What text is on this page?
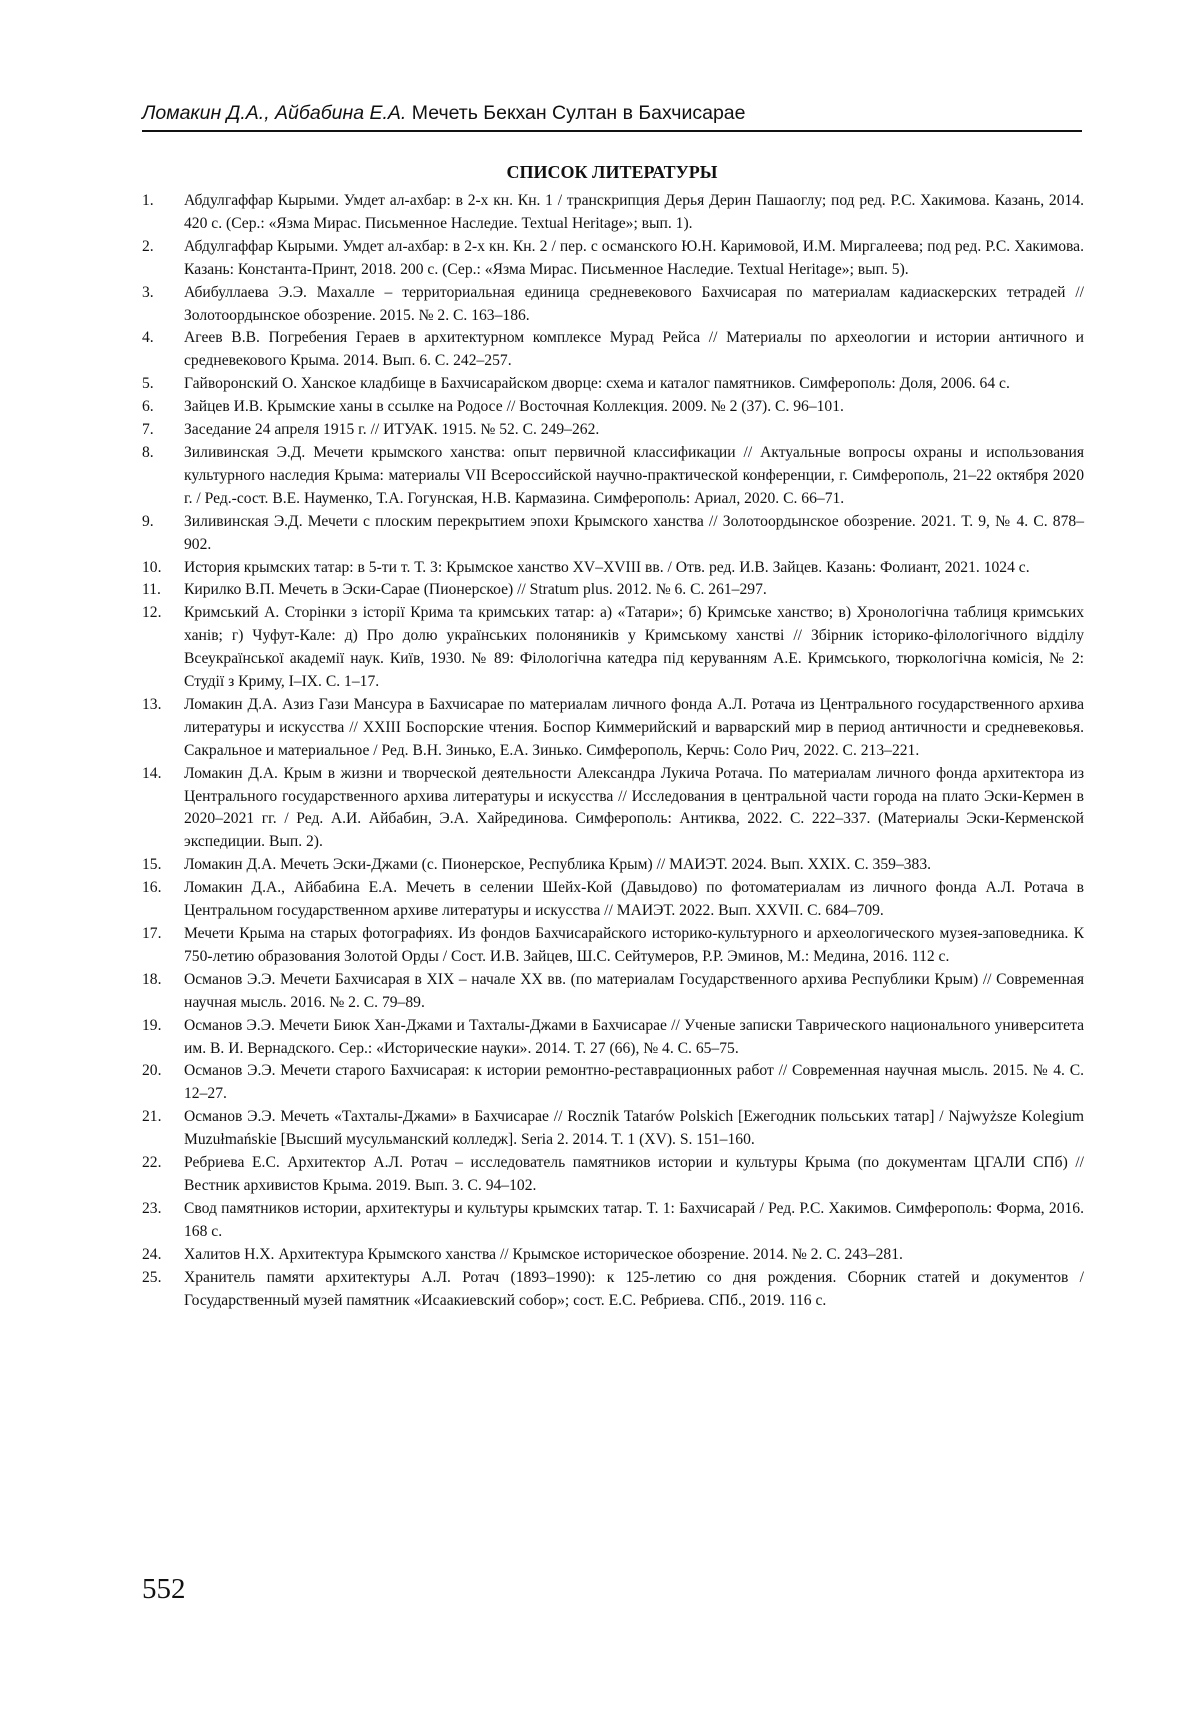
Ломакин Д.А., Айбабина Е.А. Мечеть Бекхан Султан в Бахчисарае
СПИСОК ЛИТЕРАТУРЫ
1. Абдулгаффар Кырыми. Умдет ал-ахбар: в 2-х кн. Кн. 1 / транскрипция Дерья Дерин Пашаоглу; под ред. Р.С. Хакимова. Казань, 2014. 420 с. (Сер.: «Язма Мирас. Письменное Наследие. Textual Heritage»; вып. 1).
2. Абдулгаффар Кырыми. Умдет ал-ахбар: в 2-х кн. Кн. 2 / пер. с османского Ю.Н. Каримовой, И.М. Миргалеева; под ред. Р.С. Хакимова. Казань: Константа-Принт, 2018. 200 с. (Сер.: «Язма Мирас. Письменное Наследие. Textual Heritage»; вып. 5).
3. Абибуллаева Э.Э. Махалле – территориальная единица средневекового Бахчисарая по материалам кадиаскерских тетрадей // Золотоордынское обозрение. 2015. № 2. С. 163–186.
4. Агеев В.В. Погребения Гераев в архитектурном комплексе Мурад Рейса // Материалы по археологии и истории античного и средневекового Крыма. 2014. Вып. 6. С. 242–257.
5. Гайворонский О. Ханское кладбище в Бахчисарайском дворце: схема и каталог памятников. Симферополь: Доля, 2006. 64 с.
6. Зайцев И.В. Крымские ханы в ссылке на Родосе // Восточная Коллекция. 2009. № 2 (37). С. 96–101.
7. Заседание 24 апреля 1915 г. // ИТУАК. 1915. № 52. С. 249–262.
8. Зиливинская Э.Д. Мечети крымского ханства: опыт первичной классификации // Актуальные вопросы охраны и использования культурного наследия Крыма: материалы VII Всероссийской научно-практической конференции, г. Симферополь, 21–22 октября 2020 г. / Ред.-сост. В.Е. Науменко, Т.А. Гогунская, Н.В. Кармазина. Симферополь: Ариал, 2020. С. 66–71.
9. Зиливинская Э.Д. Мечети с плоским перекрытием эпохи Крымского ханства // Золотоордынское обозрение. 2021. Т. 9, № 4. С. 878–902.
10. История крымских татар: в 5-ти т. Т. 3: Крымское ханство XV–XVIII вв. / Отв. ред. И.В. Зайцев. Казань: Фолиант, 2021. 1024 с.
11. Кирилко В.П. Мечеть в Эски-Сарае (Пионерское) // Stratum plus. 2012. № 6. С. 261–297.
12. Кримський А. Сторінки з історії Крима та кримських татар: а) «Татари»; б) Кримське ханство; в) Хронологічна таблиця кримських ханів; г) Чуфут-Кале: д) Про долю українських полоняників у Кримському ханстві // Збірник історико-філологічного відділу Всеукраїнської академії наук. Київ, 1930. № 89: Філологічна катедра під керуванням А.Е. Кримського, тюркологічна комісія, № 2: Студії з Криму, I–IX. С. 1–17.
13. Ломакин Д.А. Азиз Гази Мансура в Бахчисарае по материалам личного фонда А.Л. Ротача из Центрального государственного архива литературы и искусства // XXIII Боспорские чтения. Боспор Киммерийский и варварский мир в период античности и средневековья. Сакральное и материальное / Ред. В.Н. Зинько, Е.А. Зинько. Симферополь, Керчь: Соло Рич, 2022. С. 213–221.
14. Ломакин Д.А. Крым в жизни и творческой деятельности Александра Лукича Ротача. По материалам личного фонда архитектора из Центрального государственного архива литературы и искусства // Исследования в центральной части города на плато Эски-Кермен в 2020–2021 гг. / Ред. А.И. Айбабин, Э.А. Хайрединова. Симферополь: Антиква, 2022. С. 222–337. (Материалы Эски-Керменской экспедиции. Вып. 2).
15. Ломакин Д.А. Мечеть Эски-Джами (с. Пионерское, Республика Крым) // МАИЭТ. 2024. Вып. XXIX. С. 359–383.
16. Ломакин Д.А., Айбабина Е.А. Мечеть в селении Шейх-Кой (Давыдово) по фотоматериалам из личного фонда А.Л. Ротача в Центральном государственном архиве литературы и искусства // МАИЭТ. 2022. Вып. XXVII. С. 684–709.
17. Мечети Крыма на старых фотографиях. Из фондов Бахчисарайского историко-культурного и археологического музея-заповедника. К 750-летию образования Золотой Орды / Сост. И.В. Зайцев, Ш.С. Сейтумеров, Р.Р. Эминов, М.: Медина, 2016. 112 с.
18. Османов Э.Э. Мечети Бахчисарая в XIX – начале XX вв. (по материалам Государственного архива Республики Крым) // Современная научная мысль. 2016. № 2. С. 79–89.
19. Османов Э.Э. Мечети Биюк Хан-Джами и Тахталы-Джами в Бахчисарае // Ученые записки Таврического национального университета им. В. И. Вернадского. Сер.: «Исторические науки». 2014. Т. 27 (66), № 4. С. 65–75.
20. Османов Э.Э. Мечети старого Бахчисарая: к истории ремонтно-реставрационных работ // Современная научная мысль. 2015. № 4. С. 12–27.
21. Османов Э.Э. Мечеть «Тахталы-Джами» в Бахчисарае // Rocznik Tatarów Polskich [Ежегодник польських татар] / Najwyższe Kolegium Muzułmańskie [Высший мусульманский колледж]. Seria 2. 2014. T. 1 (XV). S. 151–160.
22. Ребриева Е.С. Архитектор А.Л. Ротач – исследователь памятников истории и культуры Крыма (по документам ЦГАЛИ СПб) // Вестник архивистов Крыма. 2019. Вып. 3. С. 94–102.
23. Свод памятников истории, архитектуры и культуры крымских татар. Т. 1: Бахчисарай / Ред. Р.С. Хакимов. Симферополь: Форма, 2016. 168 с.
24. Халитов Н.Х. Архитектура Крымского ханства // Крымское историческое обозрение. 2014. № 2. С. 243–281.
25. Хранитель памяти архитектуры А.Л. Ротач (1893–1990): к 125-летию со дня рождения. Сборник статей и документов / Государственный музей памятник «Исаакиевский собор»; сост. Е.С. Ребриева. СПб., 2019. 116 с.
552
